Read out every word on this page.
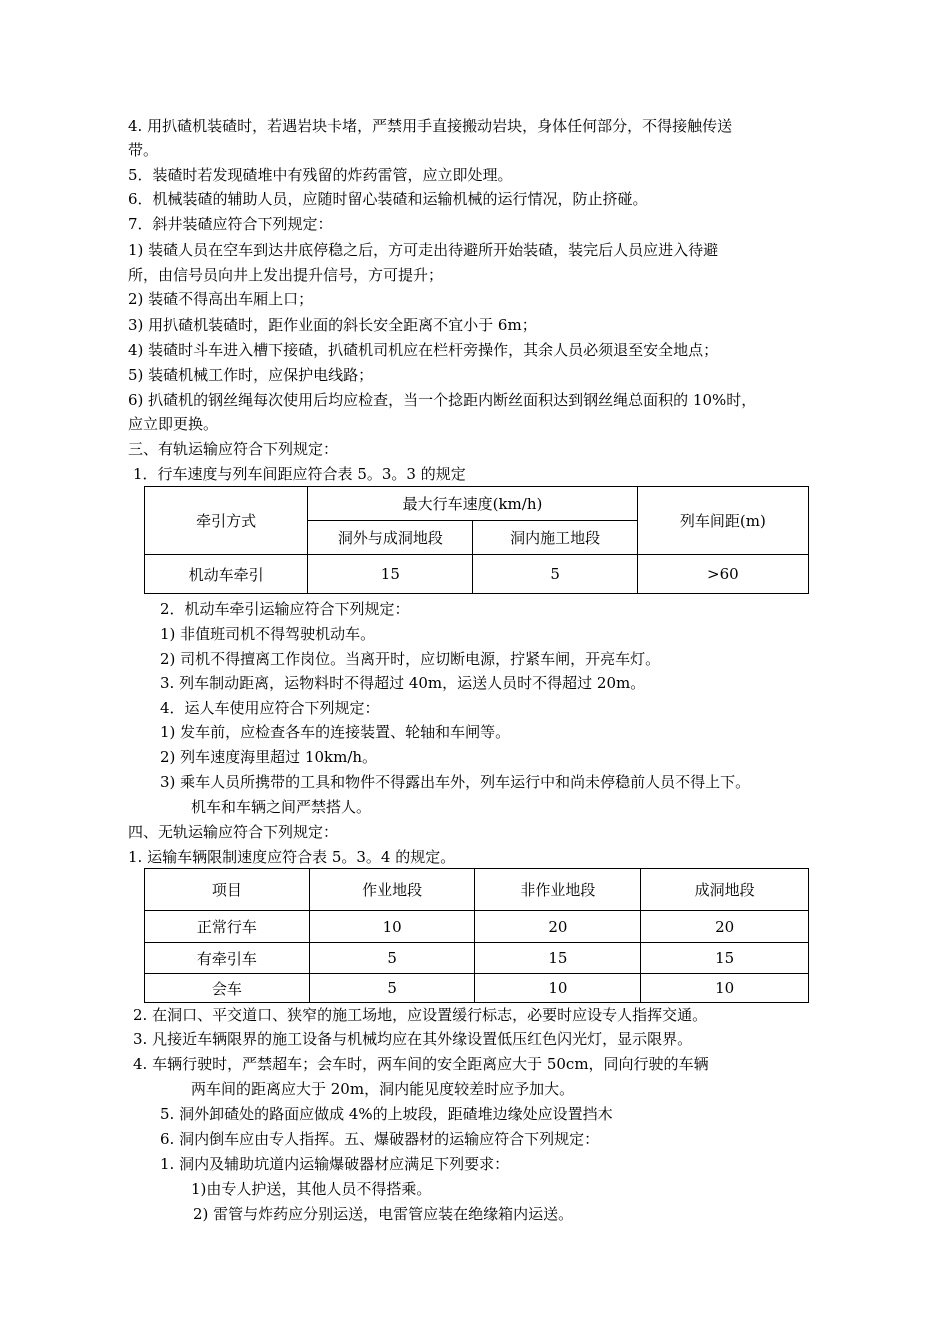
4. 用扒碴机装碴时，若遇岩块卡堵，严禁用手直接搬动岩块，身体任何部分，不得接触传送
带。
5．装碴时若发现碴堆中有残留的炸药雷管，应立即处理。
6．机械装碴的辅助人员，应随时留心装碴和运输机械的运行情况，防止挤碰。
7．斜井装碴应符合下列规定：
1) 装碴人员在空车到达井底停稳之后，方可走出待避所开始装碴，装完后人员应进入待避
所，由信号员向井上发出提升信号，方可提升；
2) 装碴不得高出车厢上口；
3) 用扒碴机装碴时，距作业面的斜长安全距离不宜小于 6m；
4) 装碴时斗车进入槽下接碴，扒碴机司机应在栏杆旁操作，其余人员必须退至安全地点；
5) 装碴机械工作时，应保护电线路；
6) 扒碴机的钢丝绳每次使用后均应检查，当一个捻距内断丝面积达到钢丝绳总面积的 10%时，
应立即更换。
三、有轨运输应符合下列规定：
1．行车速度与列车间距应符合表 5。3。3 的规定
牵引方式	最大行车速度(km/h)		列车间距(m)
	洞外与成洞地段	洞内施工地段	
机动车牵引	15	5	>60
2．机动车牵引运输应符合下列规定：
1) 非值班司机不得驾驶机动车。
2) 司机不得擅离工作岗位。当离开时，应切断电源，拧紧车闸，开亮车灯。
3. 列车制动距离，运物料时不得超过 40m，运送人员时不得超过 20m。
4．运人车使用应符合下列规定：
1) 发车前，应检查各车的连接装置、轮轴和车闸等。
2) 列车速度海里超过 10km/h。
3) 乘车人员所携带的工具和物件不得露出车外，列车运行中和尚未停稳前人员不得上下。
机车和车辆之间严禁搭人。
四、无轨运输应符合下列规定：
1. 运输车辆限制速度应符合表 5。3。4 的规定。
项目	作业地段	非作业地段	成洞地段
正常行车	10	20	20
有牵引车	5	15	15
会车	5	10	10
2. 在洞口、平交道口、狭窄的施工场地，应设置缓行标志，必要时应设专人指挥交通。
3. 凡接近车辆限界的施工设备与机械均应在其外缘设置低压红色闪光灯，显示限界。
4. 车辆行驶时，严禁超车；会车时，两车间的安全距离应大于 50cm，同向行驶的车辆
两车间的距离应大于 20m，洞内能见度较差时应予加大。
5. 洞外卸碴处的路面应做成 4%的上坡段，距碴堆边缘处应设置挡木
6. 洞内倒车应由专人指挥。五、爆破器材的运输应符合下列规定：
1. 洞内及辅助坑道内运输爆破器材应满足下列要求：
1)由专人护送，其他人员不得搭乘。
2) 雷管与炸药应分别运送，电雷管应装在绝缘箱内运送。
